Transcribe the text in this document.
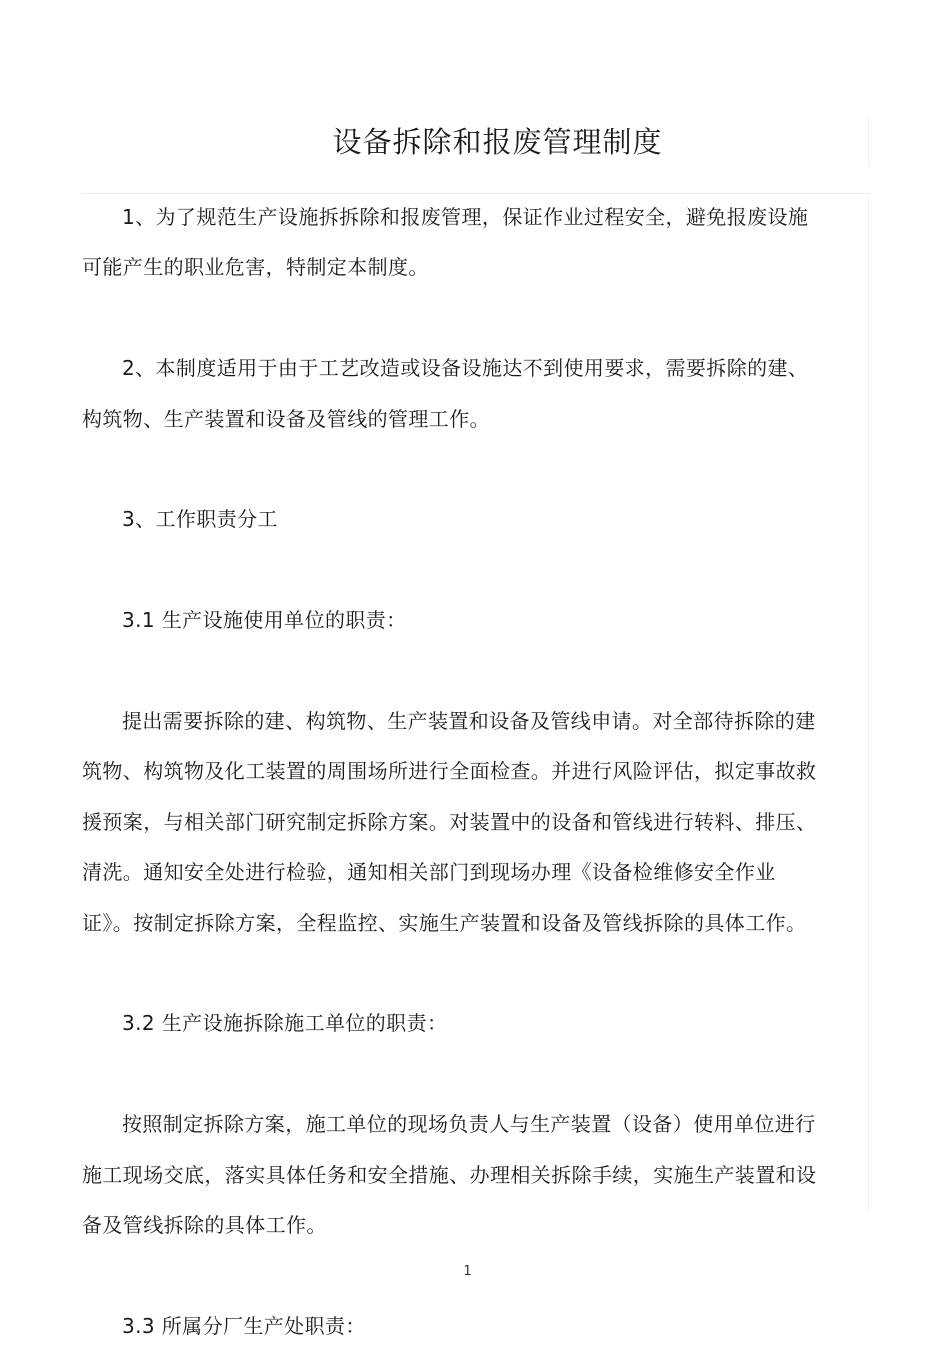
设备拆除和报废管理制度

1、为了规范生产设施拆拆除和报废管理，保证作业过程安全，避免报废设施可能产生的职业危害，特制定本制度。

2、本制度适用于由于工艺改造或设备设施达不到使用要求，需要拆除的建、构筑物、生产装置和设备及管线的管理工作。

3、工作职责分工

3.1 生产设施使用单位的职责：

提出需要拆除的建、构筑物、生产装置和设备及管线申请。对全部待拆除的建筑物、构筑物及化工装置的周围场所进行全面检查。并进行风险评估，拟定事故救援预案，与相关部门研究制定拆除方案。对装置中的设备和管线进行转料、排压、清洗。通知安全处进行检验，通知相关部门到现场办理《设备检维修安全作业证》。按制定拆除方案，全程监控、实施生产装置和设备及管线拆除的具体工作。

3.2 生产设施拆除施工单位的职责：

按照制定拆除方案，施工单位的现场负责人与生产装置（设备）使用单位进行施工现场交底，落实具体任务和安全措施、办理相关拆除手续，实施生产装置和设备及管线拆除的具体工作。

3.3 所属分厂生产处职责：

1
